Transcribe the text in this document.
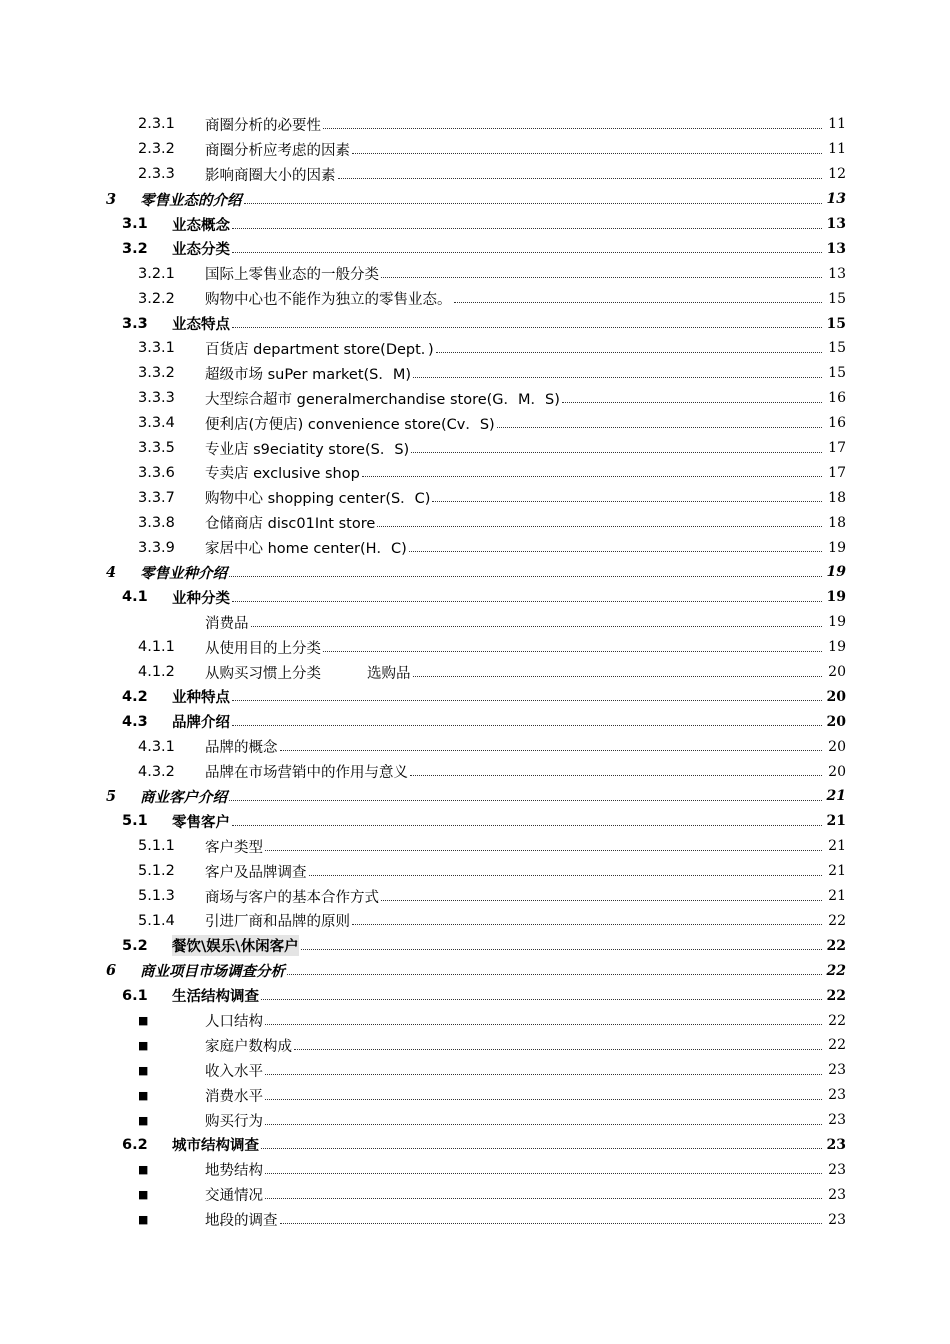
2.3.1	商圈分析的必要性	11
2.3.2	商圈分析应考虑的因素	11
2.3.3	影响商圈大小的因素	12
3	零售业态的介绍	13
3.1	业态概念	13
3.2	业态分类	13
3.2.1	国际上零售业态的一般分类	13
3.2.2	购物中心也不能作为独立的零售业态。	15
3.3	业态特点	15
3.3.1	百货店 department store(Dept．)	15
3.3.2	超级市场 suPer market(S．M)	15
3.3.3	大型综合超市 generalmerchandise store(G．M．S)	16
3.3.4	便利店(方便店) convenience store(Cv．S)	16
3.3.5	专业店 s9eciatity store(S．S)	17
3.3.6	专卖店 exclusive shop	17
3.3.7	购物中心 shopping center(S．C)	18
3.3.8	仓储商店 disc01Int store	18
3.3.9	家居中心 home center(H．C)	19
4	零售业种介绍	19
4.1	业种分类	19
消费品	19
4.1.1	从使用目的上分类	19
4.1.2	从购买习惯上分类	选购品	20
4.2	业种特点	20
4.3	品牌介绍	20
4.3.1	品牌的概念	20
4.3.2	品牌在市场营销中的作用与意义	20
5	商业客户介绍	21
5.1	零售客户	21
5.1.1	客户类型	21
5.1.2	客户及品牌调查	21
5.1.3	商场与客户的基本合作方式	21
5.1.4	引进厂商和品牌的原则	22
5.2	餐饮\娱乐\休闲客户	22
6	商业项目市场调查分析	22
6.1	生活结构调查	22
■	人口结构	22
■	家庭户数构成	22
■	收入水平	23
■	消费水平	23
■	购买行为	23
6.2	城市结构调查	23
■	地势结构	23
■	交通情况	23
■	地段的调查	23
